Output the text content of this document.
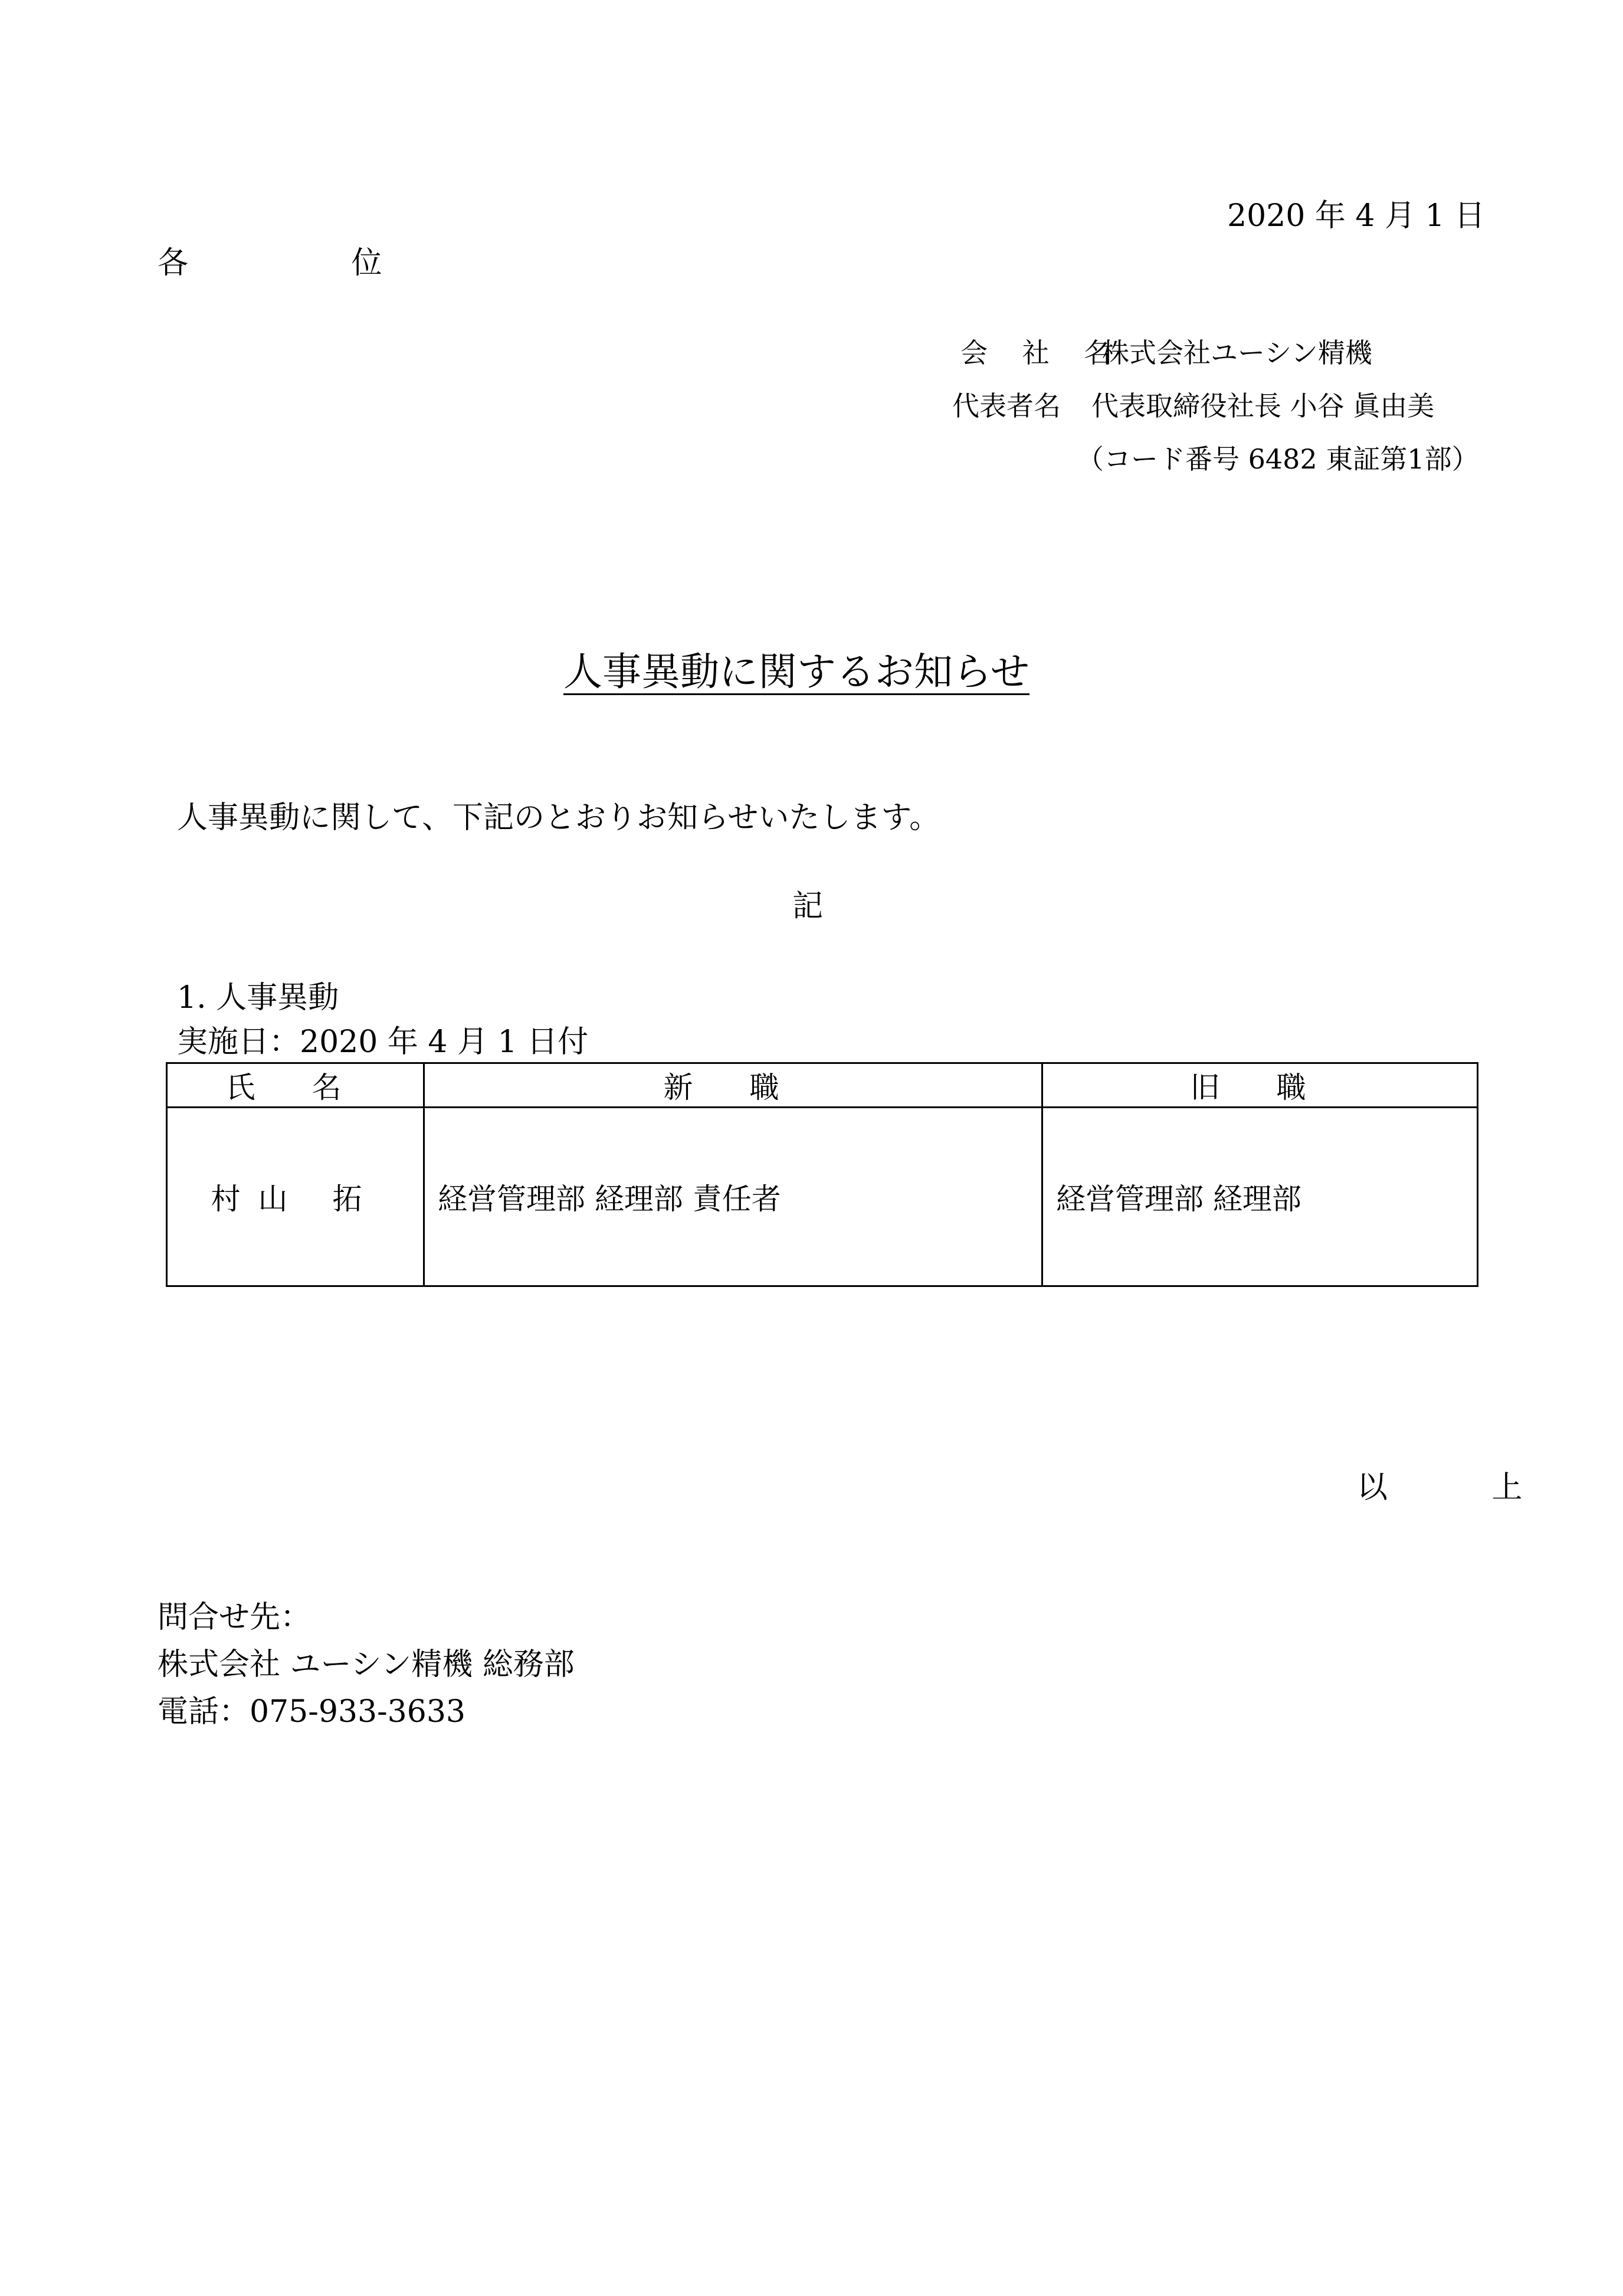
2020 年 4 月 1 日
各 位
会 社 名
株式会社ユーシン精機
代表者名 代表取締役社長 小谷 眞由美
（コード番号 6482 東証第1部）
人事異動に関するお知らせ
人事異動に関して、下記のとおりお知らせいたします。
記
1. 人事異動
実施日：2020 年 4 月 1 日付
氏 名	新 職	旧 職
村山 拓	経営管理部 経理部 責任者	経営管理部 経理部
以 上
問合せ先：
株式会社 ユーシン精機 総務部
電話：075-933-3633
